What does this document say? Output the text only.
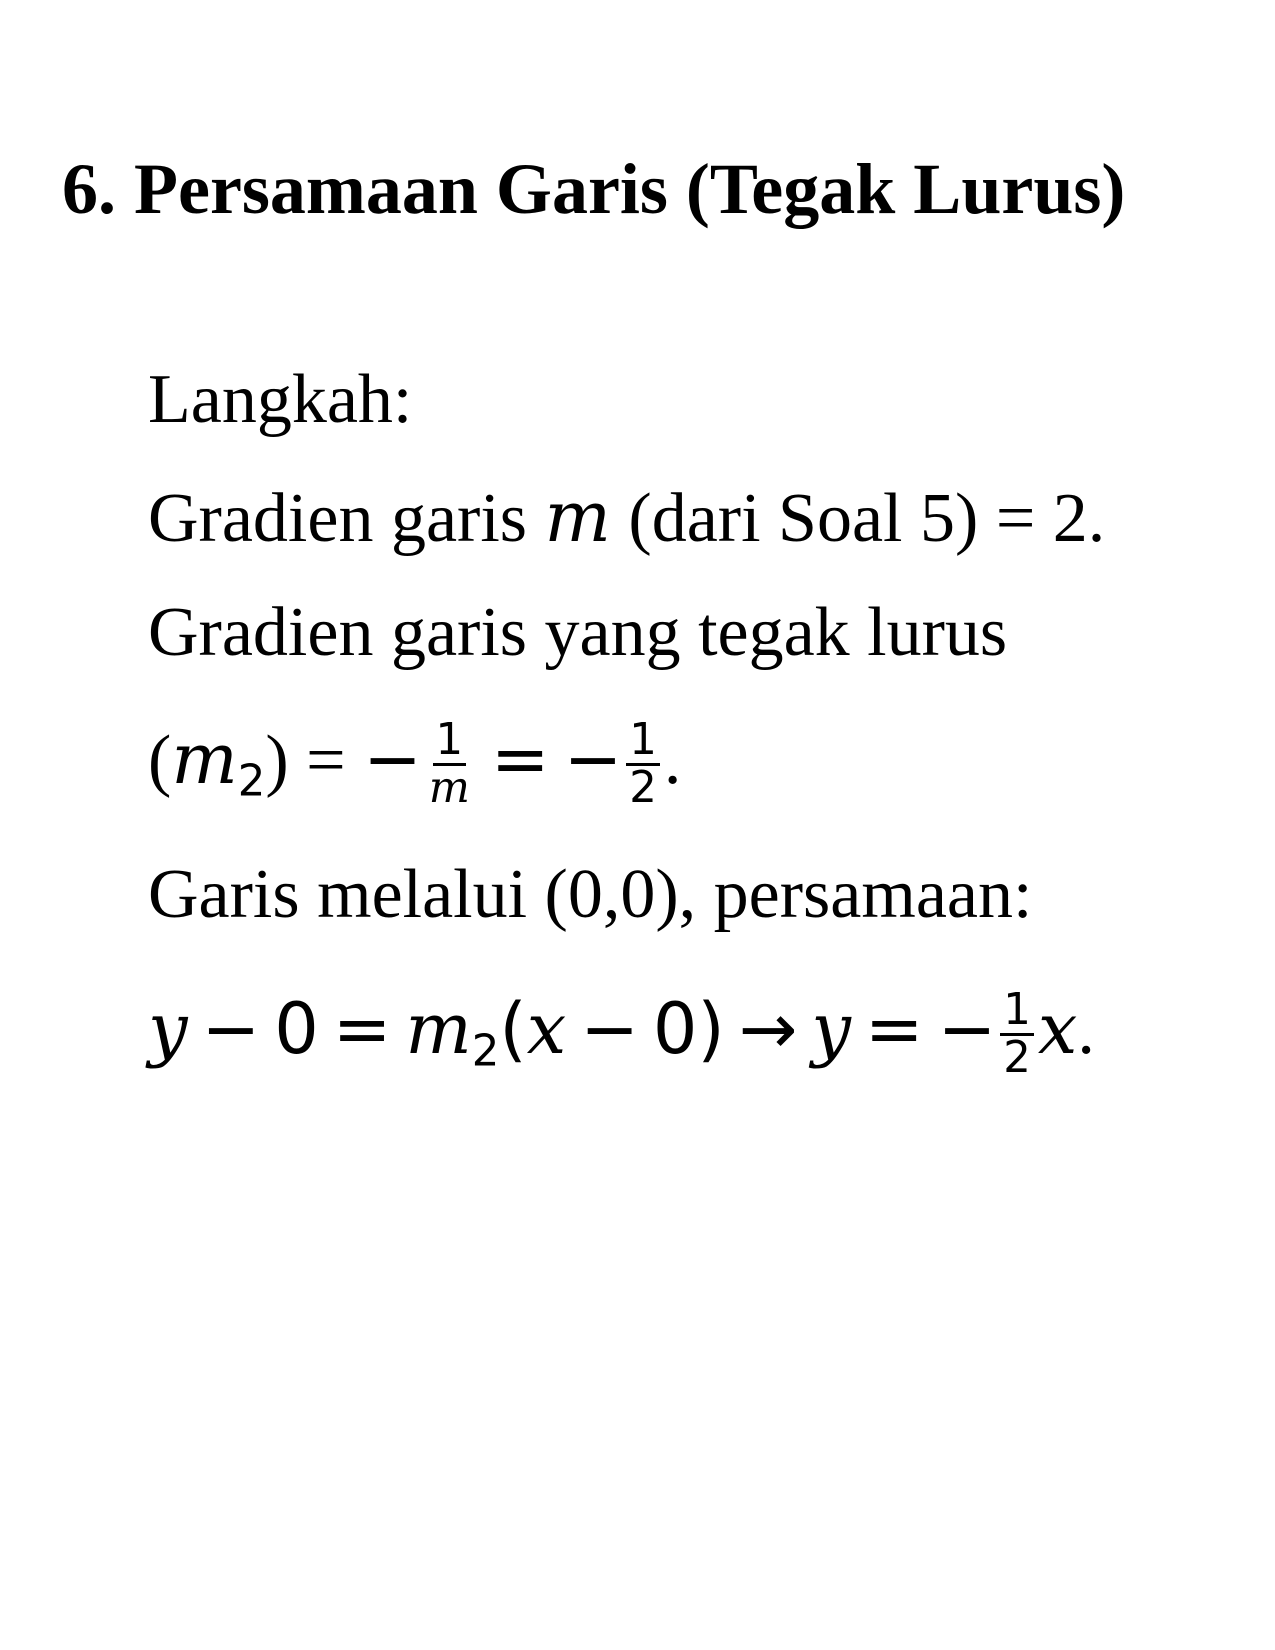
6. Persamaan Garis (Tegak Lurus)
Langkah:
Gradien garis m (dari Soal 5) = 2.
Gradien garis yang tegak lurus
$(m_2)$ = − $\frac{1}{m}$ = − $\frac{1}{2}$ .
Garis melalui (0,0), persamaan:
$y - 0 = m_2(x - 0) \to y$ = − $\frac{1}{2} x$.
